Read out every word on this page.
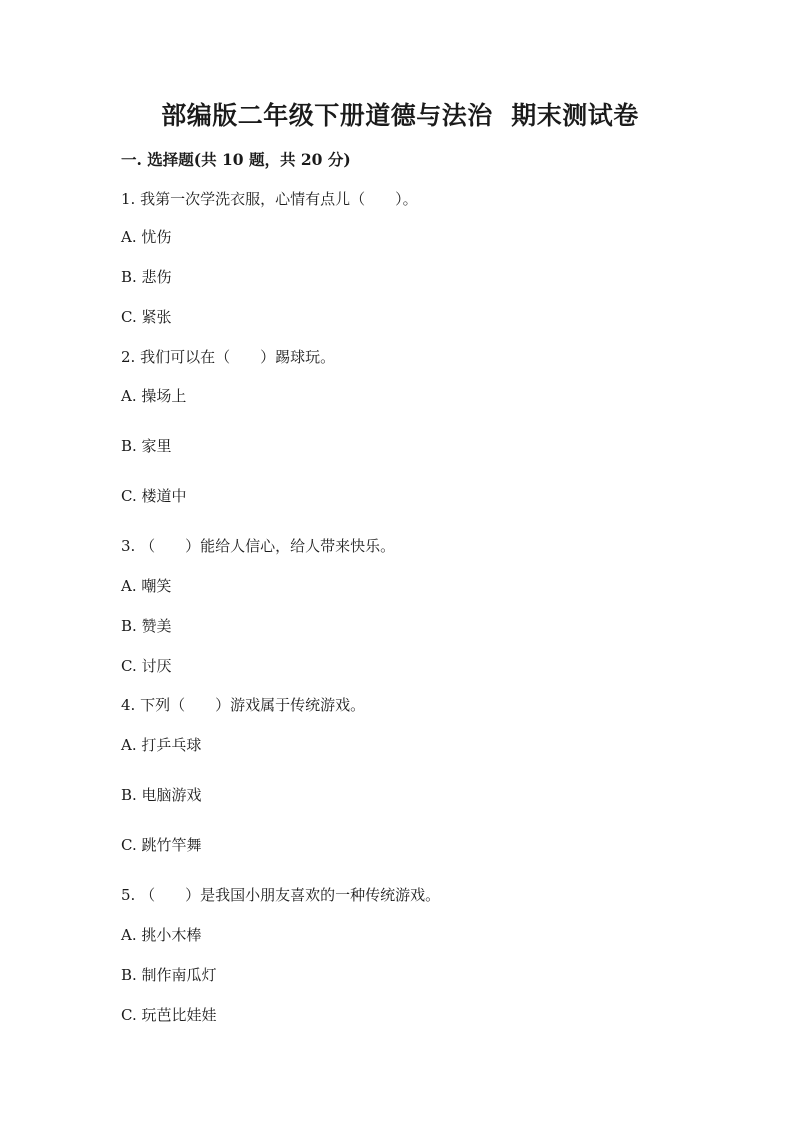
部编版二年级下册道德与法治  期末测试卷
一. 选择题(共 10 题，共 20 分)
1. 我第一次学洗衣服，心情有点儿（　　）。
A. 忧伤
B. 悲伤
C. 紧张
2. 我们可以在（　　）踢球玩。
A. 操场上
B. 家里
C. 楼道中
3. （　　）能给人信心，给人带来快乐。
A. 嘲笑
B. 赞美
C. 讨厌
4. 下列（　　）游戏属于传统游戏。
A. 打乒乓球
B. 电脑游戏
C. 跳竹竿舞
5. （　　）是我国小朋友喜欢的一种传统游戏。
A. 挑小木棒
B. 制作南瓜灯
C. 玩芭比娃娃
